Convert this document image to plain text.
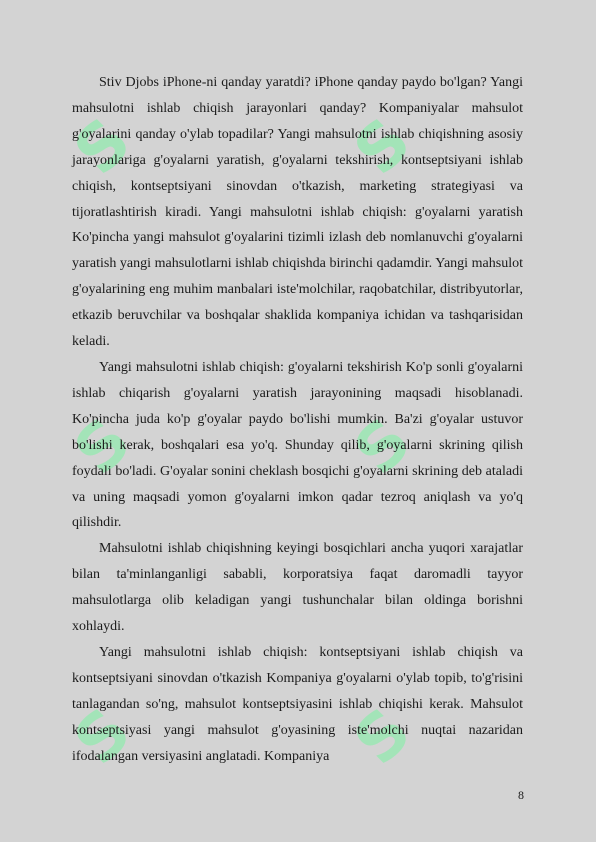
S	S
S	S
S	S

Stiv Djobs iPhone-ni qanday yaratdi? iPhone qanday paydo bo'lgan? Yangi mahsulotni ishlab chiqish jarayonlari qanday? Kompaniyalar mahsulot g'oyalarini qanday o'ylab topadilar? Yangi mahsulotni ishlab chiqishning asosiy jarayonlariga g'oyalarni yaratish, g'oyalarni tekshirish, kontseptsiyani ishlab chiqish, kontseptsiyani sinovdan o'tkazish, marketing strategiyasi va tijoratlashtirish kiradi. Yangi mahsulotni ishlab chiqish: g'oyalarni yaratish Ko'pincha yangi mahsulot g'oyalarini tizimli izlash deb nomlanuvchi g'oyalarni yaratish yangi mahsulotlarni ishlab chiqishda birinchi qadamdir. Yangi mahsulot g'oyalarining eng muhim manbalari iste'molchilar, raqobatchilar, distribyutorlar, etkazib beruvchilar va boshqalar shaklida kompaniya ichidan va tashqarisidan keladi.

Yangi mahsulotni ishlab chiqish: g'oyalarni tekshirish Ko'p sonli g'oyalarni ishlab chiqarish g'oyalarni yaratish jarayonining maqsadi hisoblanadi. Ko'pincha juda ko'p g'oyalar paydo bo'lishi mumkin. Ba'zi g'oyalar ustuvor bo'lishi kerak, boshqalari esa yo'q. Shunday qilib, g'oyalarni skrining qilish foydali bo'ladi. G'oyalar sonini cheklash bosqichi g'oyalarni skrining deb ataladi va uning maqsadi yomon g'oyalarni imkon qadar tezroq aniqlash va yo'q qilishdir.

Mahsulotni ishlab chiqishning keyingi bosqichlari ancha yuqori xarajatlar bilan ta'minlanganligi sababli, korporatsiya faqat daromadli tayyor mahsulotlarga olib keladigan yangi tushunchalar bilan oldinga borishni xohlaydi.

Yangi mahsulotni ishlab chiqish: kontseptsiyani ishlab chiqish va kontseptsiyani sinovdan o'tkazish Kompaniya g'oyalarni o'ylab topib, to'g'risini tanlagandan so'ng, mahsulot kontseptsiyasini ishlab chiqishi kerak. Mahsulot kontseptsiyasi yangi mahsulot g'oyasining iste'molchi nuqtai nazaridan ifodalangan versiyasini anglatadi. Kompaniya

8
